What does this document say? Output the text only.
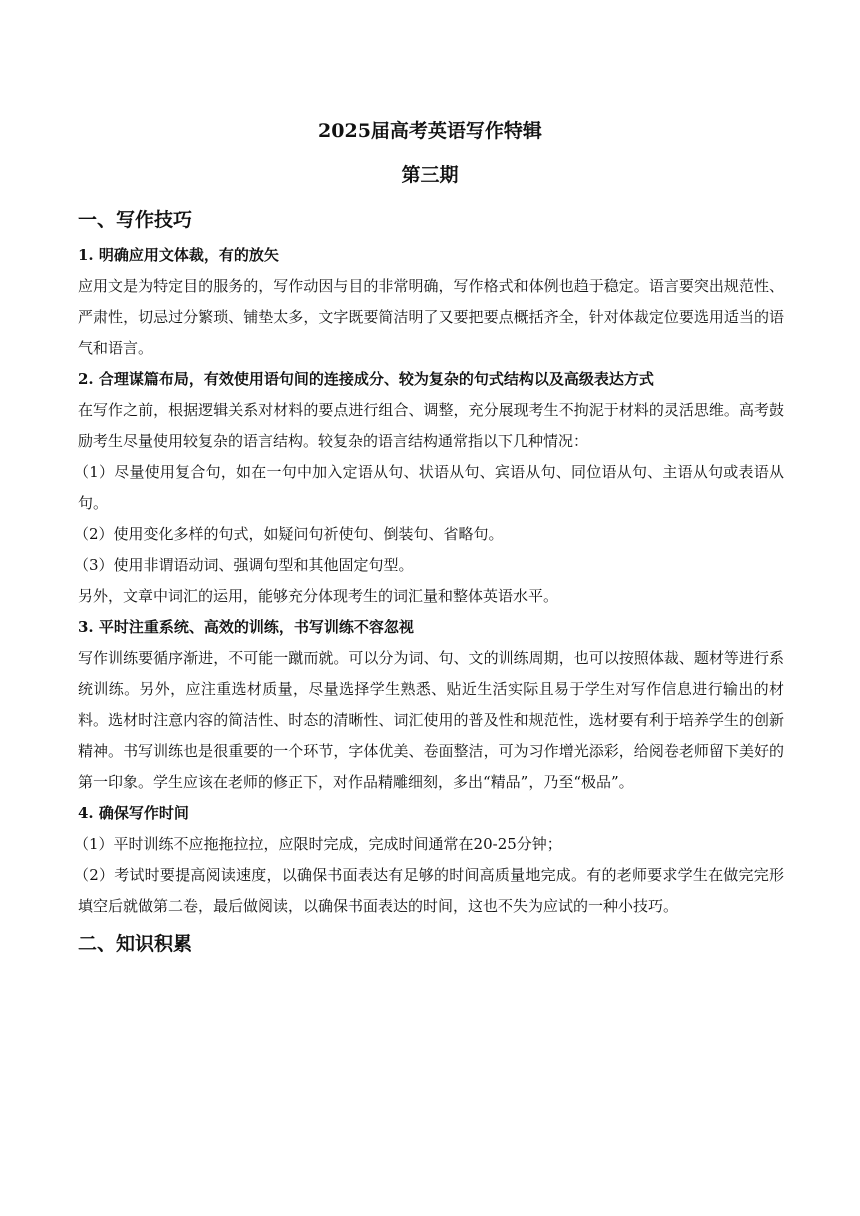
2025届高考英语写作特辑
第三期
一、写作技巧
1. 明确应用文体裁，有的放矢
应用文是为特定目的服务的，写作动因与目的非常明确，写作格式和体例也趋于稳定。语言要突出规范性、严肃性，切忌过分繁琐、铺垫太多，文字既要简洁明了又要把要点概括齐全，针对体裁定位要选用适当的语气和语言。
2. 合理谋篇布局，有效使用语句间的连接成分、较为复杂的句式结构以及高级表达方式
在写作之前，根据逻辑关系对材料的要点进行组合、调整，充分展现考生不拘泥于材料的灵活思维。高考鼓励考生尽量使用较复杂的语言结构。较复杂的语言结构通常指以下几种情况：
（1）尽量使用复合句，如在一句中加入定语从句、状语从句、宾语从句、同位语从句、主语从句或表语从句。
（2）使用变化多样的句式，如疑问句祈使句、倒装句、省略句。
（3）使用非谓语动词、强调句型和其他固定句型。
另外，文章中词汇的运用，能够充分体现考生的词汇量和整体英语水平。
3. 平时注重系统、高效的训练，书写训练不容忽视
写作训练要循序渐进，不可能一蹴而就。可以分为词、句、文的训练周期，也可以按照体裁、题材等进行系统训练。另外，应注重选材质量，尽量选择学生熟悉、贴近生活实际且易于学生对写作信息进行输出的材料。选材时注意内容的简洁性、时态的清晰性、词汇使用的普及性和规范性，选材要有利于培养学生的创新精神。书写训练也是很重要的一个环节，字体优美、卷面整洁，可为习作增光添彩，给阅卷老师留下美好的第一印象。学生应该在老师的修正下，对作品精雕细刻，多出“精品”，乃至“极品”。
4. 确保写作时间
（1）平时训练不应拖拖拉拉，应限时完成，完成时间通常在20-25分钟；
（2）考试时要提高阅读速度，以确保书面表达有足够的时间高质量地完成。有的老师要求学生在做完完形填空后就做第二卷，最后做阅读，以确保书面表达的时间，这也不失为应试的一种小技巧。
二、知识积累
